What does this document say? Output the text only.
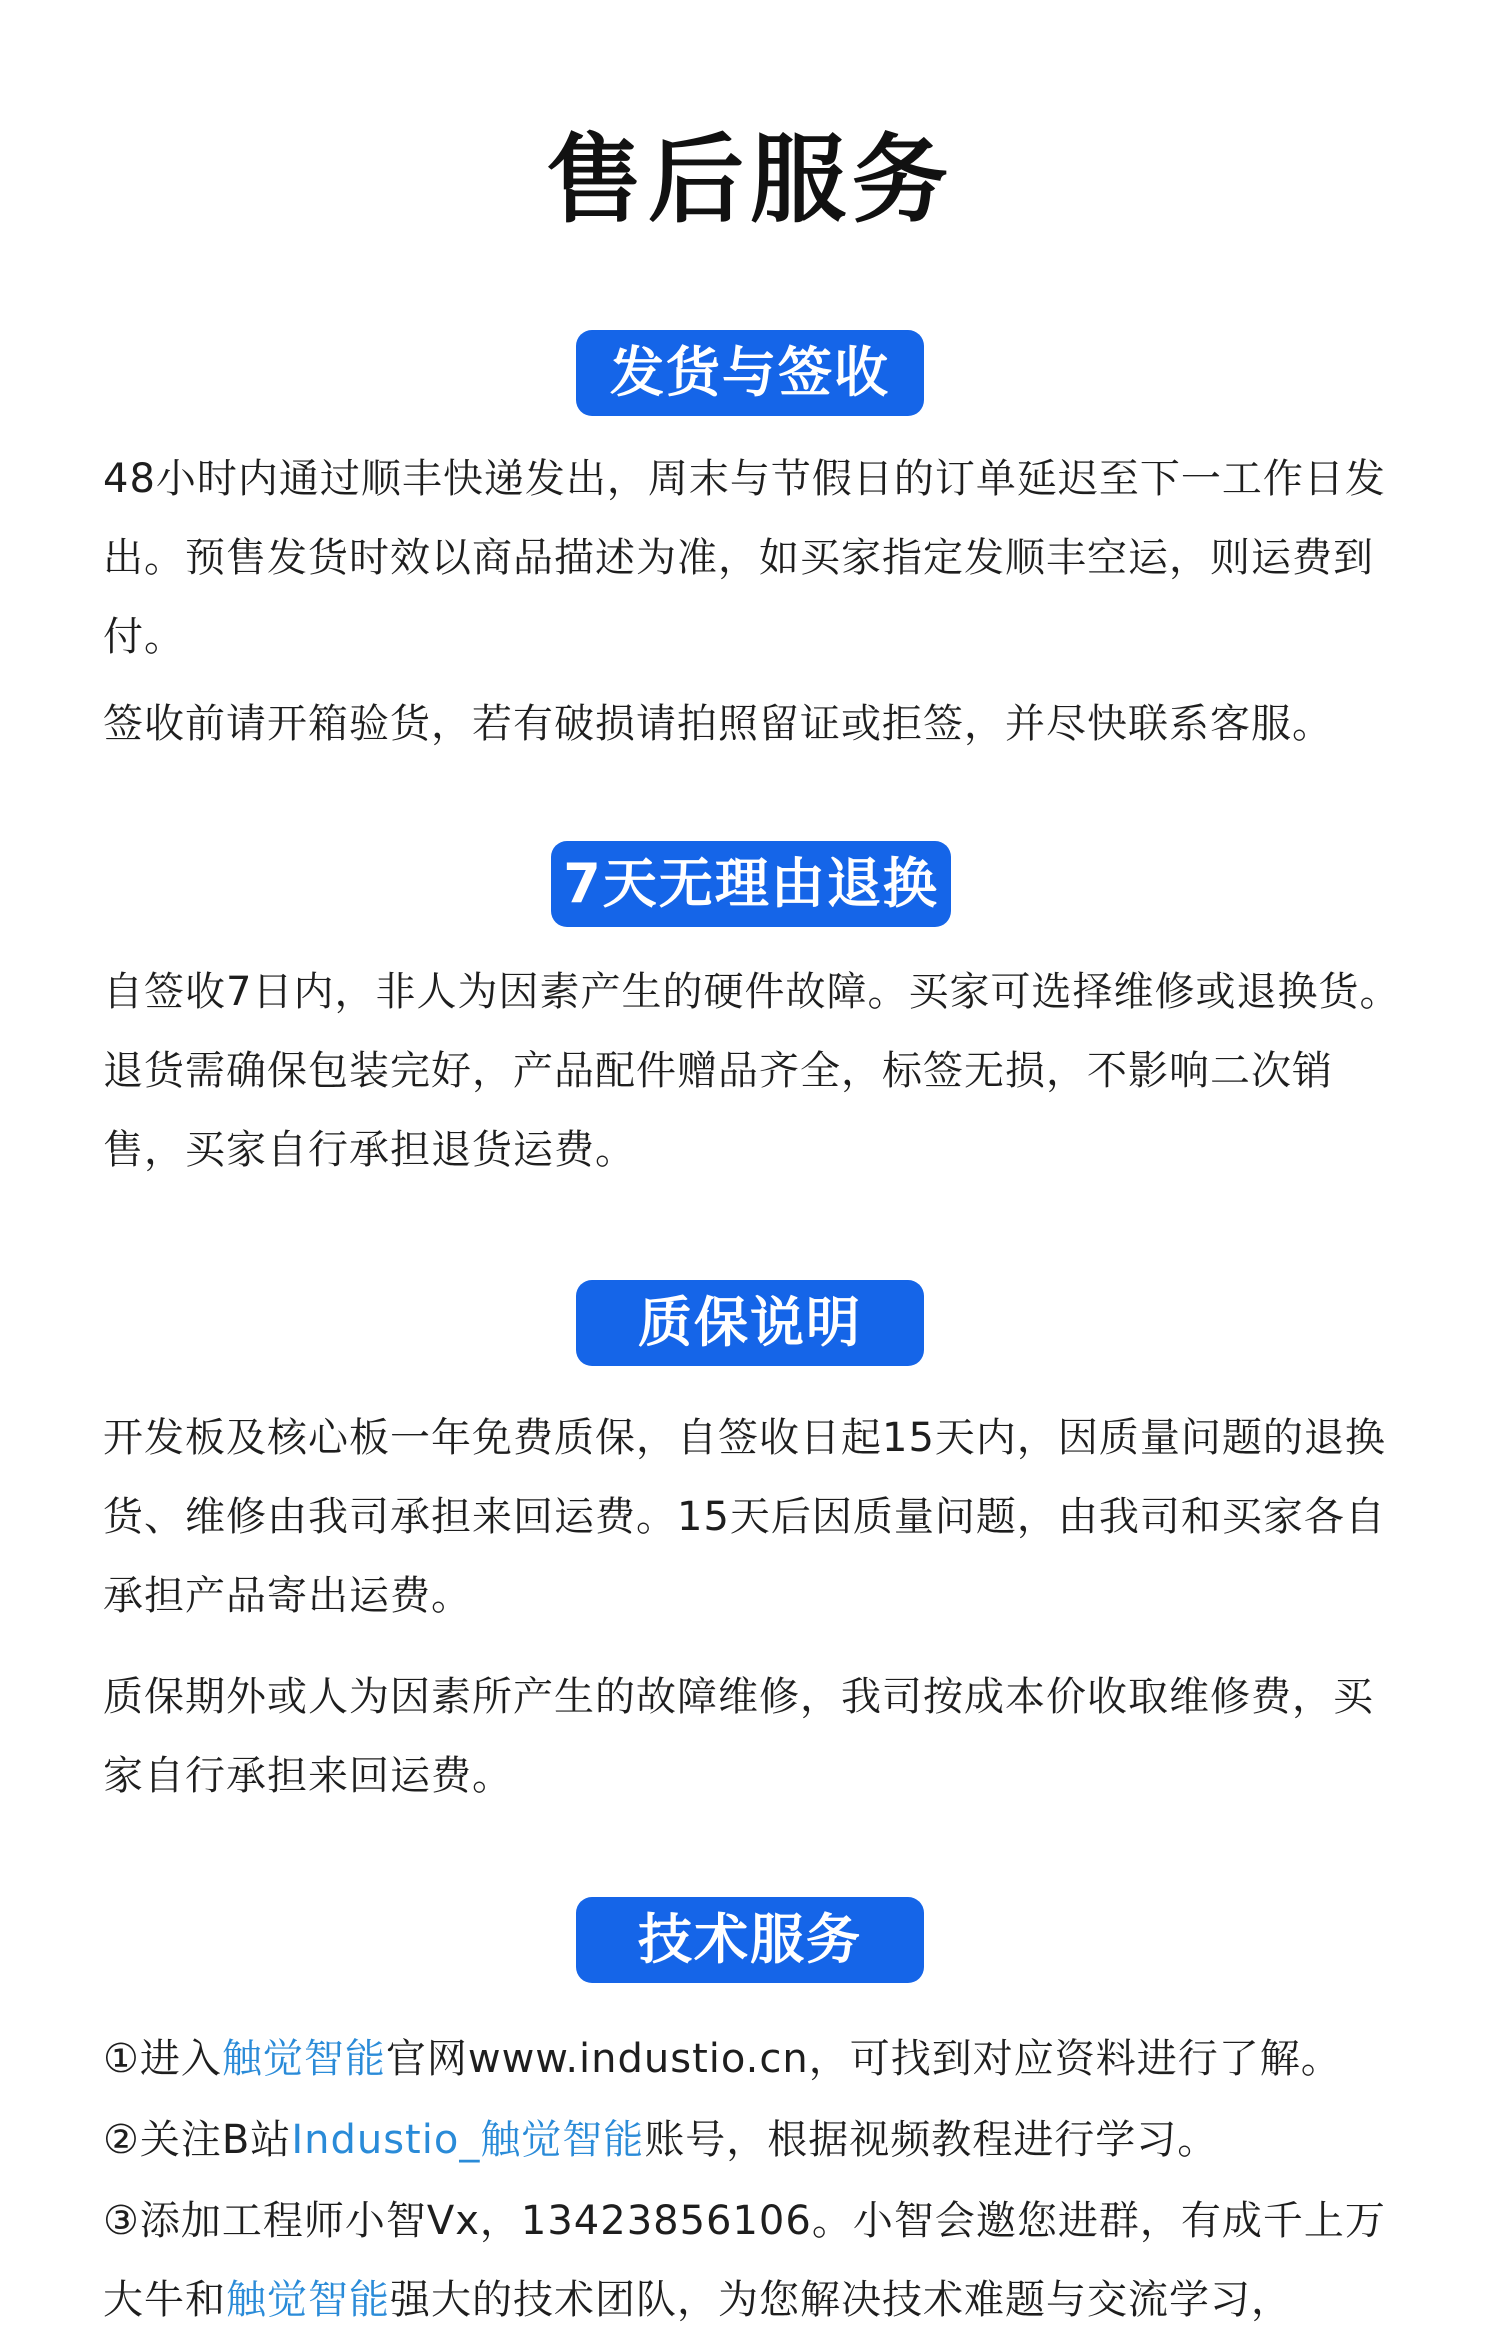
售后服务
发货与签收

48小时内通过顺丰快递发出，周末与节假日的订单延迟至下一工作日发出。预售发货时效以商品描述为准，如买家指定发顺丰空运，则运费到付。

签收前请开箱验货，若有破损请拍照留证或拒签，并尽快联系客服。

7天无理由退换

自签收7日内，非人为因素产生的硬件故障。买家可选择维修或退换货。退货需确保包装完好，产品配件赠品齐全，标签无损，不影响二次销售，买家自行承担退货运费。

质保说明

开发板及核心板一年免费质保，自签收日起15天内，因质量问题的退换货、维修由我司承担来回运费。15天后因质量问题，由我司和买家各自承担产品寄出运费。

质保期外或人为因素所产生的故障维修，我司按成本价收取维修费，买家自行承担来回运费。

技术服务

①进入触觉智能官网www.industio.cn，可找到对应资料进行了解。

②关注B站Industio_触觉智能账号，根据视频教程进行学习。

③添加工程师小智Vx，13423856106。小智会邀您进群，有成千上万大牛和触觉智能强大的技术团队，为您解决技术难题与交流学习，
